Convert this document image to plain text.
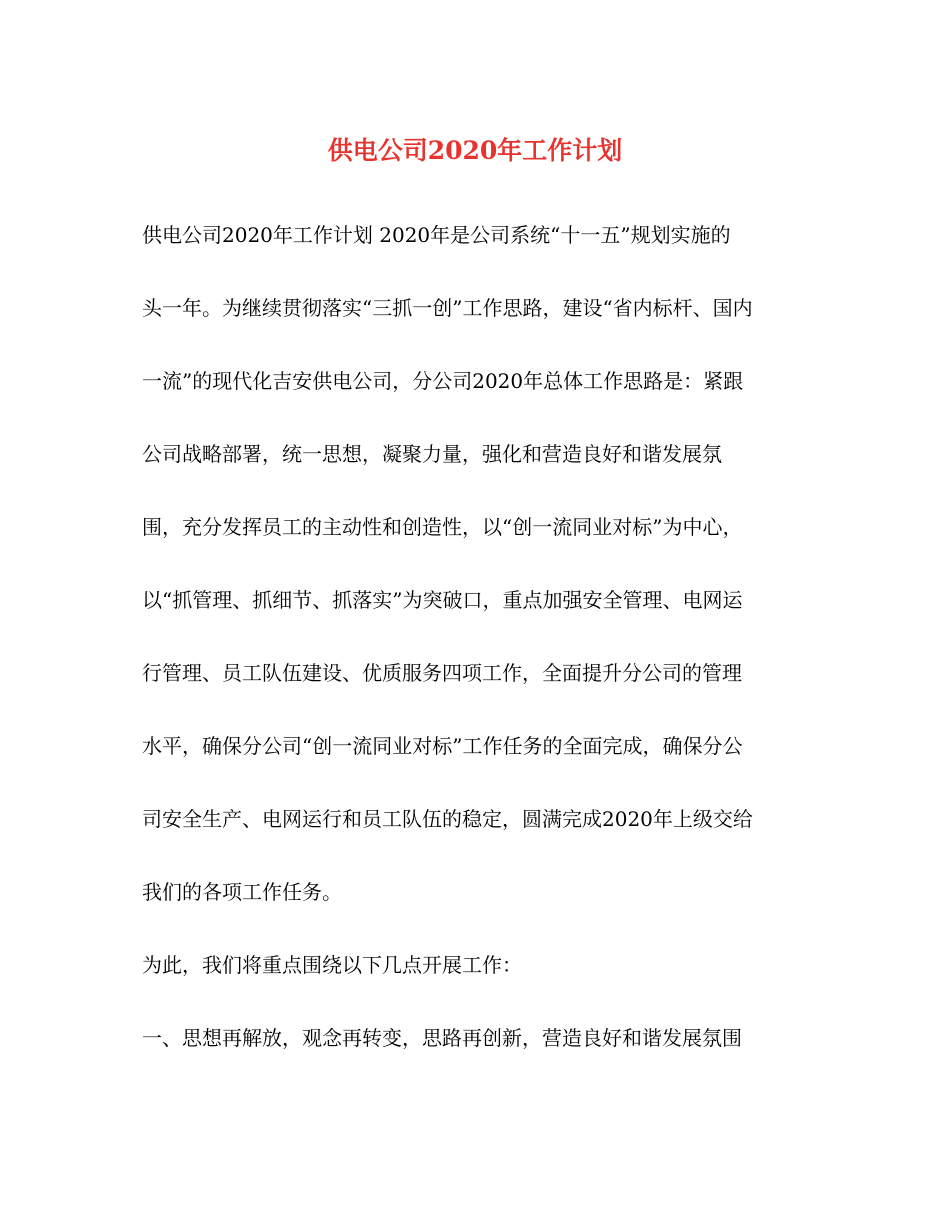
供电公司2020年工作计划
供电公司2020年工作计划 2020年是公司系统“十一五”规划实施的
头一年。为继续贯彻落实“三抓一创”工作思路，建设“省内标杆、国内
一流”的现代化吉安供电公司，分公司2020年总体工作思路是：紧跟
公司战略部署，统一思想，凝聚力量，强化和营造良好和谐发展氛
围，充分发挥员工的主动性和创造性，以“创一流同业对标”为中心，
以“抓管理、抓细节、抓落实”为突破口，重点加强安全管理、电网运
行管理、员工队伍建设、优质服务四项工作，全面提升分公司的管理
水平，确保分公司“创一流同业对标”工作任务的全面完成，确保分公
司安全生产、电网运行和员工队伍的稳定，圆满完成2020年上级交给
我们的各项工作任务。
为此，我们将重点围绕以下几点开展工作：
一、思想再解放，观念再转变，思路再创新，营造良好和谐发展氛围
